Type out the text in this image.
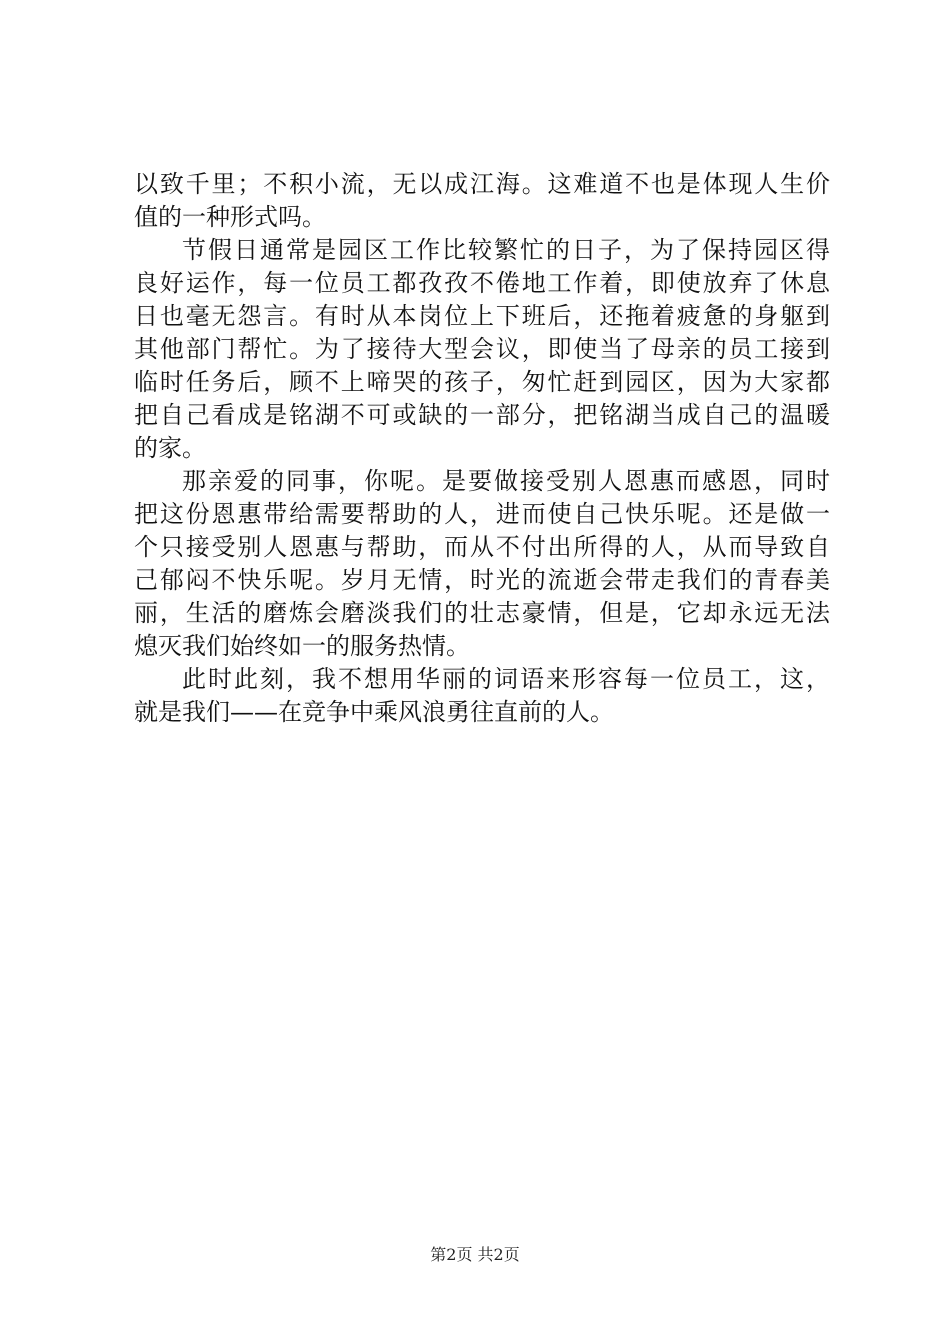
以致千里；不积小流，无以成江海。这难道不也是体现人生价
值的一种形式吗。
节假日通常是园区工作比较繁忙的日子，为了保持园区得
良好运作，每一位员工都孜孜不倦地工作着，即使放弃了休息
日也毫无怨言。有时从本岗位上下班后，还拖着疲惫的身躯到
其他部门帮忙。为了接待大型会议，即使当了母亲的员工接到
临时任务后，顾不上啼哭的孩子，匆忙赶到园区，因为大家都
把自己看成是铭湖不可或缺的一部分，把铭湖当成自己的温暖
的家。
那亲爱的同事，你呢。是要做接受别人恩惠而感恩，同时
把这份恩惠带给需要帮助的人，进而使自己快乐呢。还是做一
个只接受别人恩惠与帮助，而从不付出所得的人，从而导致自
己郁闷不快乐呢。岁月无情，时光的流逝会带走我们的青春美
丽，生活的磨炼会磨淡我们的壮志豪情，但是，它却永远无法
熄灭我们始终如一的服务热情。
此时此刻，我不想用华丽的词语来形容每一位员工，这，
就是我们——在竞争中乘风浪勇往直前的人。
第2页 共2页
